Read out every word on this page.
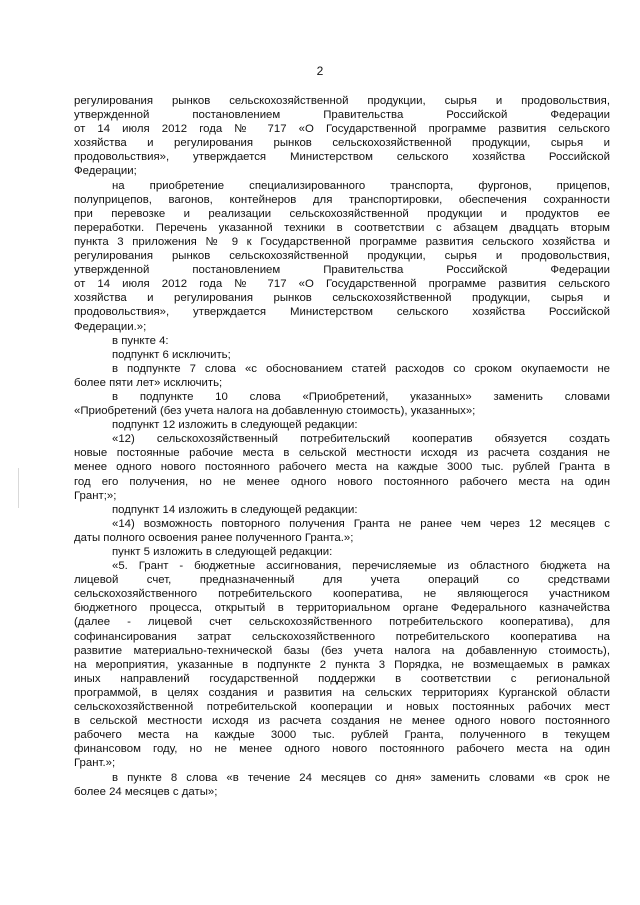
2
регулирования рынков сельскохозяйственной продукции, сырья и продовольствия,
утвержденной постановлением Правительства Российской Федерации
от 14 июля 2012 года № 717 «О Государственной программе развития сельского
хозяйства и регулирования рынков сельскохозяйственной продукции, сырья и
продовольствия», утверждается Министерством сельского хозяйства Российской
Федерации;
на приобретение специализированного транспорта, фургонов, прицепов,
полуприцепов, вагонов, контейнеров для транспортировки, обеспечения сохранности
при перевозке и реализации сельскохозяйственной продукции и продуктов ее
переработки. Перечень указанной техники в соответствии с абзацем двадцать вторым
пункта 3 приложения № 9 к Государственной программе развития сельского хозяйства и
регулирования рынков сельскохозяйственной продукции, сырья и продовольствия,
утвержденной постановлением Правительства Российской Федерации
от 14 июля 2012 года № 717 «О Государственной программе развития сельского
хозяйства и регулирования рынков сельскохозяйственной продукции, сырья и
продовольствия», утверждается Министерством сельского хозяйства Российской
Федерации.»;
в пункте 4:
подпункт 6 исключить;
в подпункте 7 слова «с обоснованием статей расходов со сроком окупаемости не
более пяти лет» исключить;
в подпункте 10 слова «Приобретений, указанных» заменить словами
«Приобретений (без учета налога на добавленную стоимость), указанных»;
подпункт 12 изложить в следующей редакции:
«12) сельскохозяйственный потребительский кооператив обязуется создать
новые постоянные рабочие места в сельской местности исходя из расчета создания не
менее одного нового постоянного рабочего места на каждые 3000 тыс. рублей Гранта в
год его получения, но не менее одного нового постоянного рабочего места на один
Грант;»;
подпункт 14 изложить в следующей редакции:
«14) возможность повторного получения Гранта не ранее чем через 12 месяцев с
даты полного освоения ранее полученного Гранта.»;
пункт 5 изложить в следующей редакции:
«5. Грант - бюджетные ассигнования, перечисляемые из областного бюджета на
лицевой счет, предназначенный для учета операций со средствами
сельскохозяйственного потребительского кооператива, не являющегося участником
бюджетного процесса, открытый в территориальном органе Федерального казначейства
(далее - лицевой счет сельскохозяйственного потребительского кооператива), для
софинансирования затрат сельскохозяйственного потребительского кооператива на
развитие материально-технической базы (без учета налога на добавленную стоимость),
на мероприятия, указанные в подпункте 2 пункта 3 Порядка, не возмещаемых в рамках
иных направлений государственной поддержки в соответствии с региональной
программой, в целях создания и развития на сельских территориях Курганской области
сельскохозяйственной потребительской кооперации и новых постоянных рабочих мест
в сельской местности исходя из расчета создания не менее одного нового постоянного
рабочего места на каждые 3000 тыс. рублей Гранта, полученного в текущем
финансовом году, но не менее одного нового постоянного рабочего места на один
Грант.»;
в пункте 8 слова «в течение 24 месяцев со дня» заменить словами «в срок не
более 24 месяцев с даты»;
